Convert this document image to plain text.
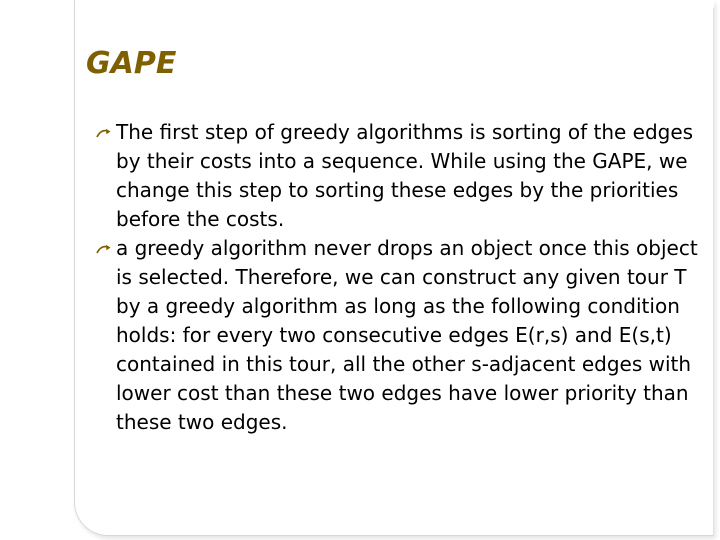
GAPE
The first step of greedy algorithms is sorting of the edges by their costs into a sequence. While using the GAPE, we change this step to sorting these edges by the priorities before the costs.
a greedy algorithm never drops an object once this object is selected. Therefore, we can construct any given tour T by a greedy algorithm as long as the following condition holds: for every two consecutive edges E(r,s) and E(s,t) contained in this tour, all the other s-adjacent edges with lower cost than these two edges have lower priority than these two edges.
